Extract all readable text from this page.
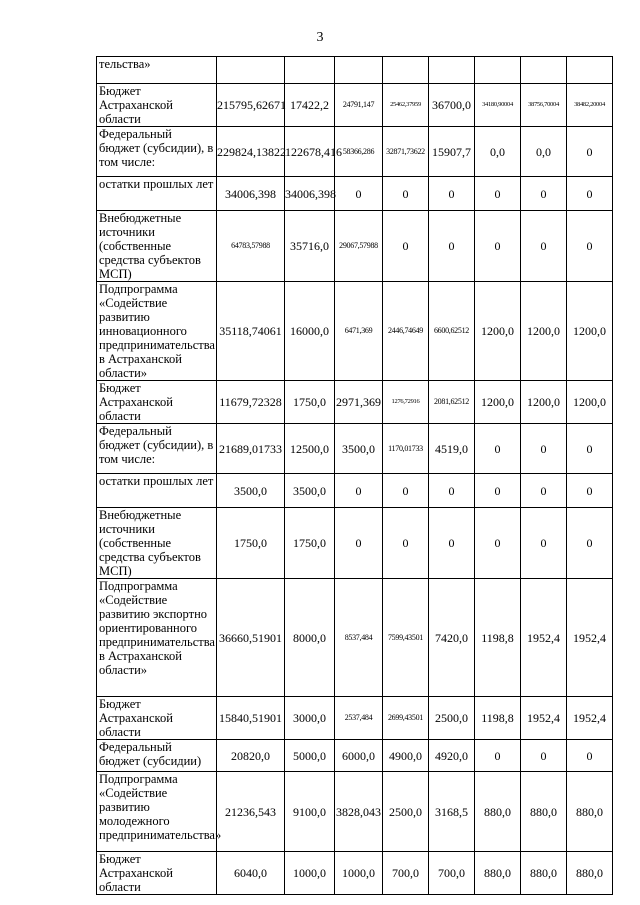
3
тельства»								
Бюджет Астраханской области	215795,62671	17422,2	24791,147	25462,37959	36700,0	34180,90004	38756,70004	38482,20004
Федеральный бюджет (субсидии), в том числе:	229824,13822	122678,416	58366,286	32871,73622	15907,7	0,0	0,0	0
остатки прошлых лет	34006,398	34006,398	0	0	0	0	0	0
Внебюджетные источники (собственные средства субъектов МСП)	64783,57988	35716,0	29067,57988	0	0	0	0	0
Подпрограмма «Содействие развитию инновационного предпринимательства в Астраханской области»	35118,74061	16000,0	6471,369	2446,74649	6600,62512	1200,0	1200,0	1200,0
Бюджет Астраханской области	11679,72328	1750,0	2971,369	1276,72916	2081,62512	1200,0	1200,0	1200,0
Федеральный бюджет (субсидии), в том числе:	21689,01733	12500,0	3500,0	1170,01733	4519,0	0	0	0
остатки прошлых лет	3500,0	3500,0	0	0	0	0	0	0
Внебюджетные источники (собственные средства субъектов МСП)	1750,0	1750,0	0	0	0	0	0	0
Подпрограмма «Содействие развитию экспортно ориентированного предпринимательства в Астраханской области»	36660,51901	8000,0	8537,484	7599,43501	7420,0	1198,8	1952,4	1952,4
Бюджет Астраханской области	15840,51901	3000,0	2537,484	2699,43501	2500,0	1198,8	1952,4	1952,4
Федеральный бюджет (субсидии)	20820,0	5000,0	6000,0	4900,0	4920,0	0	0	0
Подпрограмма «Содействие развитию молодежного предпринимательства»	21236,543	9100,0	3828,043	2500,0	3168,5	880,0	880,0	880,0
Бюджет Астраханской области	6040,0	1000,0	1000,0	700,0	700,0	880,0	880,0	880,0
